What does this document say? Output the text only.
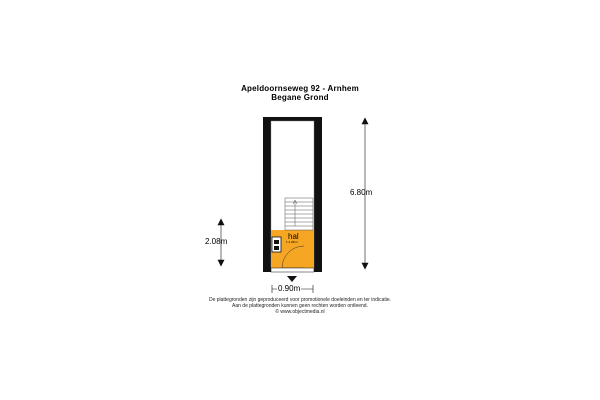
Apeldoornseweg 92 - Arnhem
Begane Grond
6.80m
2.08m
0.90m
hal
± 2.35m²
De plattegronden zijn geproduceerd voor promotionele doeleinden en ter indicatie.
Aan de plattegronden kunnen geen rechten worden ontleend.
© www.objectmedia.nl
